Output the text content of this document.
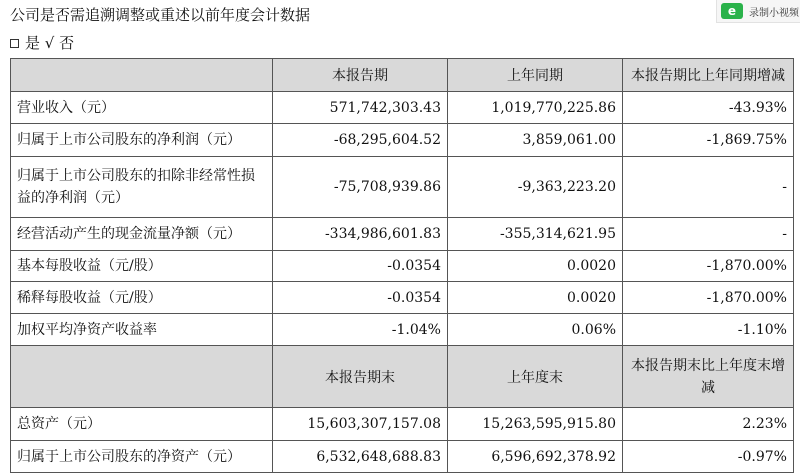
公司是否需追溯调整或重述以前年度会计数据
是 √ 否
e	录制小视频
	本报告期	上年同期	本报告期比上年同期增减
营业收入（元）	571,742,303.43	1,019,770,225.86	-43.93%
归属于上市公司股东的净利润（元）	-68,295,604.52	3,859,061.00	-1,869.75%
归属于上市公司股东的扣除非经常性损益的净利润（元）	-75,708,939.86	-9,363,223.20	-
经营活动产生的现金流量净额（元）	-334,986,601.83	-355,314,621.95	-
基本每股收益（元/股）	-0.0354	0.0020	-1,870.00%
稀释每股收益（元/股）	-0.0354	0.0020	-1,870.00%
加权平均净资产收益率	-1.04%	0.06%	-1.10%
	本报告期末	上年度末	本报告期末比上年度末增减
总资产（元）	15,603,307,157.08	15,263,595,915.80	2.23%
归属于上市公司股东的净资产（元）	6,532,648,688.83	6,596,692,378.92	-0.97%
